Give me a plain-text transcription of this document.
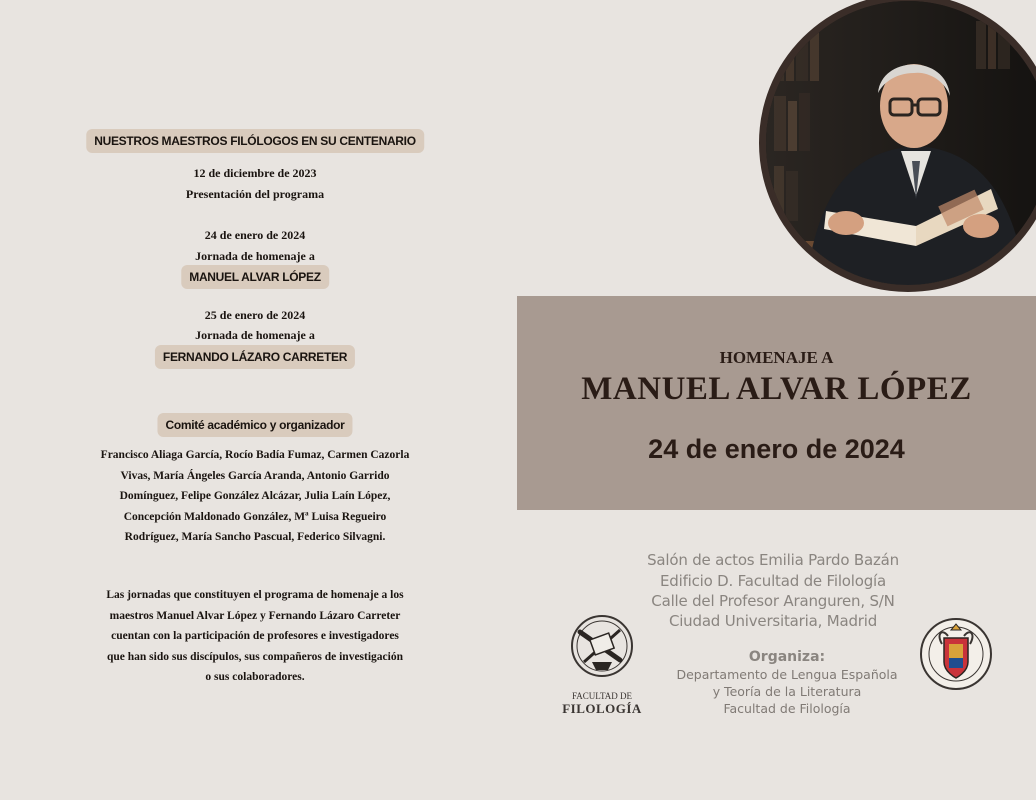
NUESTROS MAESTROS FILÓLOGOS EN SU CENTENARIO
12 de diciembre de 2023
Presentación del programa
24 de enero de 2024
Jornada de homenaje a
MANUEL ALVAR LÓPEZ
25 de enero de 2024
Jornada de homenaje a
FERNANDO LÁZARO CARRETER
Comité académico y organizador
Francisco Aliaga García, Rocío Badía Fumaz, Carmen Cazorla
Vivas, María Ángeles García Aranda, Antonio Garrido
Domínguez, Felipe González Alcázar, Julia Laín López,
Concepción Maldonado González, Mª Luisa Regueiro
Rodríguez, María Sancho Pascual, Federico Silvagni.
Las jornadas que constituyen el programa de homenaje a los
maestros Manuel Alvar López y Fernando Lázaro Carreter
cuentan con la participación de profesores e investigadores
que han sido sus discípulos, sus compañeros de investigación
o sus colaboradores.
HOMENAJE A
MANUEL ALVAR LÓPEZ
24 de enero de 2024
Salón de actos Emilia Pardo Bazán
Edificio D. Facultad de Filología
Calle del Profesor Aranguren, S/N
Ciudad Universitaria, Madrid
Organiza:
Departamento de Lengua Española
y Teoría de la Literatura
Facultad de Filología
FACULTAD DE
FILOLOGÍA
